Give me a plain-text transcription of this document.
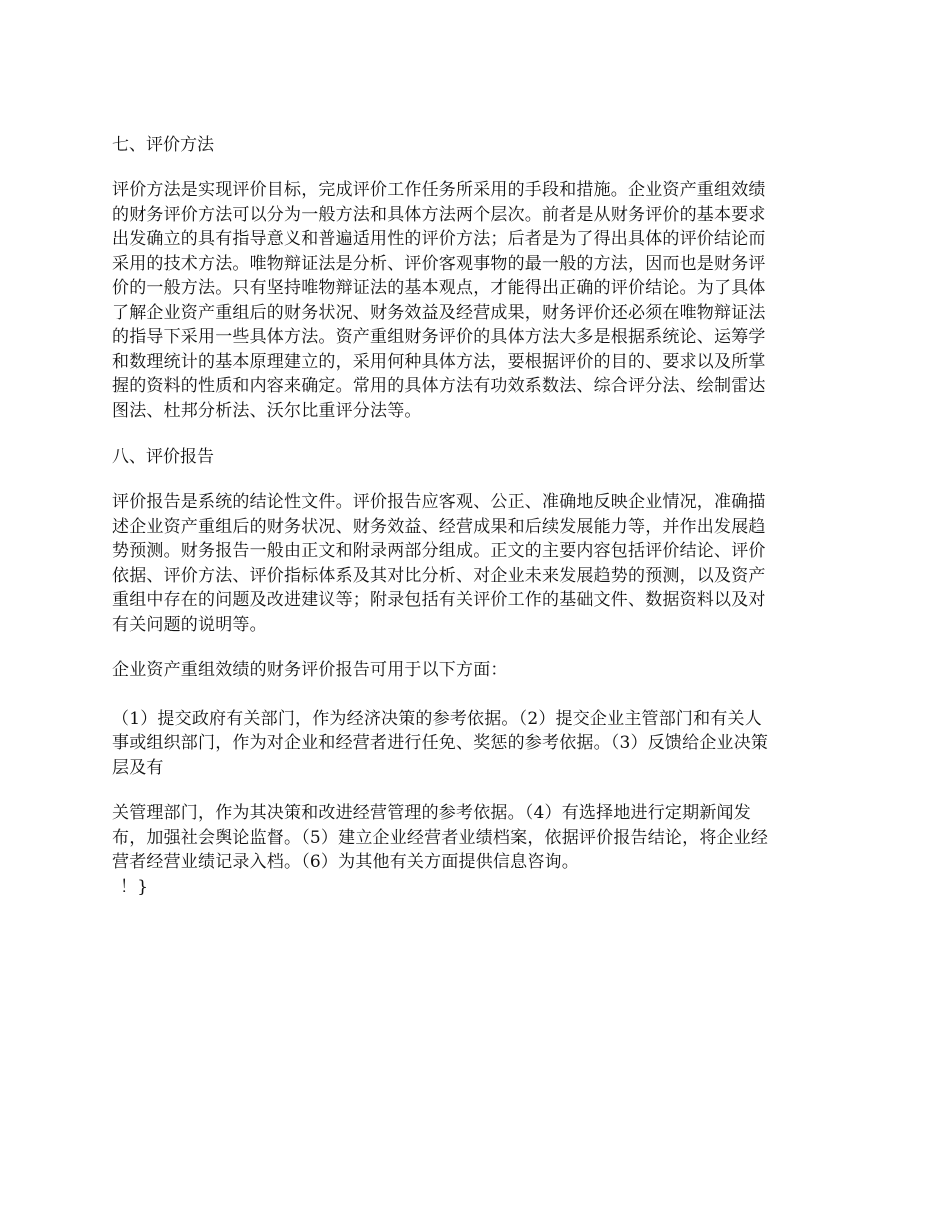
七、评价方法

评价方法是实现评价目标，完成评价工作任务所采用的手段和措施。企业资产重组效绩的财务评价方法可以分为一般方法和具体方法两个层次。前者是从财务评价的基本要求出发确立的具有指导意义和普遍适用性的评价方法；后者是为了得出具体的评价结论而采用的技术方法。唯物辩证法是分析、评价客观事物的最一般的方法，因而也是财务评价的一般方法。只有坚持唯物辩证法的基本观点，才能得出正确的评价结论。为了具体了解企业资产重组后的财务状况、财务效益及经营成果，财务评价还必须在唯物辩证法的指导下采用一些具体方法。资产重组财务评价的具体方法大多是根据系统论、运筹学和数理统计的基本原理建立的，采用何种具体方法，要根据评价的目的、要求以及所掌握的资料的性质和内容来确定。常用的具体方法有功效系数法、综合评分法、绘制雷达图法、杜邦分析法、沃尔比重评分法等。

八、评价报告

评价报告是系统的结论性文件。评价报告应客观、公正、准确地反映企业情况，准确描述企业资产重组后的财务状况、财务效益、经营成果和后续发展能力等，并作出发展趋势预测。财务报告一般由正文和附录两部分组成。正文的主要内容包括评价结论、评价依据、评价方法、评价指标体系及其对比分析、对企业未来发展趋势的预测，以及资产重组中存在的问题及改进建议等；附录包括有关评价工作的基础文件、数据资料以及对有关问题的说明等。

企业资产重组效绩的财务评价报告可用于以下方面：

（1）提交政府有关部门，作为经济决策的参考依据。（2）提交企业主管部门和有关人事或组织部门，作为对企业和经营者进行任免、奖惩的参考依据。（3）反馈给企业决策层及有

关管理部门，作为其决策和改进经营管理的参考依据。（4）有选择地进行定期新闻发布，加强社会舆论监督。（5）建立企业经营者业绩档案，依据评价报告结论，将企业经营者经营业绩记录入档。（6）为其他有关方面提供信息咨询。
！}
